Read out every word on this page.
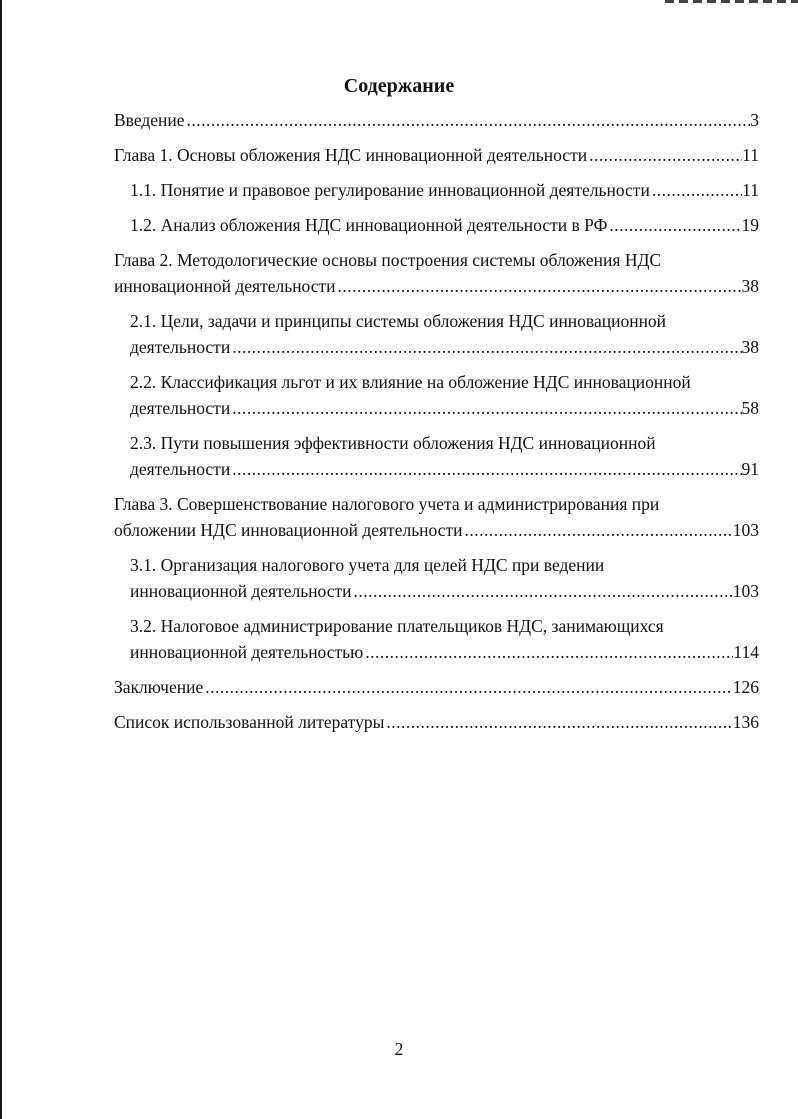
Содержание
Введение .....	3
Глава 1. Основы обложения НДС инновационной деятельности .....	11
1.1. Понятие и правовое регулирование инновационной деятельности .....	11
1.2. Анализ обложения НДС инновационной деятельности в РФ .....	19
Глава 2. Методологические основы построения системы обложения НДС
инновационной деятельности .....	38
2.1. Цели, задачи и принципы системы обложения НДС инновационной
деятельности .....	38
2.2. Классификация льгот и их влияние на обложение НДС инновационной
деятельности .....	58
2.3. Пути повышения эффективности обложения НДС инновационной
деятельности .....	91
Глава 3. Совершенствование налогового учета и администрирования при
обложении НДС инновационной деятельности .....	103
3.1. Организация налогового учета для целей НДС при ведении
инновационной деятельности .....	103
3.2. Налоговое администрирование плательщиков НДС, занимающихся
инновационной деятельностью .....	114
Заключение .....	126
Список использованной литературы .....	136
2
